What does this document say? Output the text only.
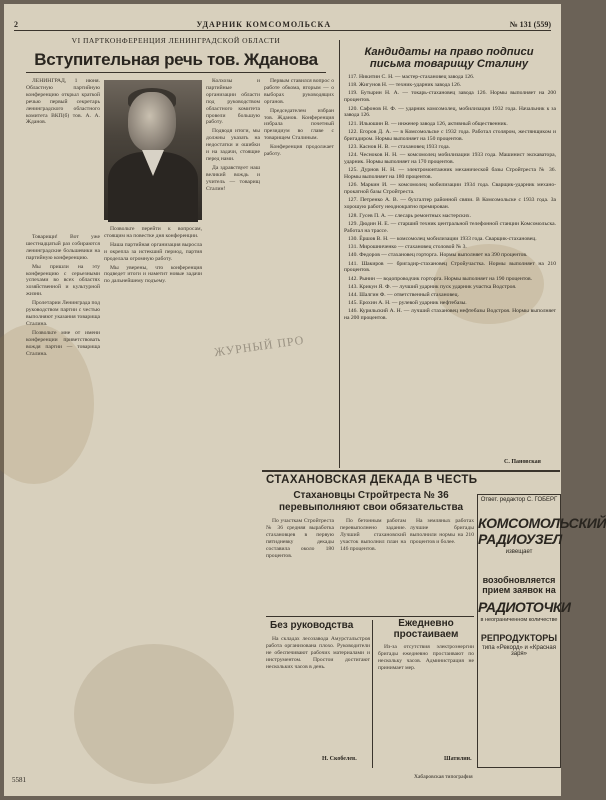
2	УДАРНИК КОМСОМОЛЬСКА	№ 131 (559)
VI ПАРТКОНФЕРЕНЦИЯ ЛЕНИНГРАДСКОЙ ОБЛАСТИ
Вступительная речь тов. Жданова

ЛЕНИНГРАД, 1 июня. Областную партийную конференцию открыл краткой речью первый секретарь ленинградского областного комитета ВКП(б) тов. А. А. Жданов.

Товарищи! Вот уже шестнадцатый раз собираются ленинградские большевики на партийную конференцию.

Мы пришли на эту конференцию с серьезными успехами во всех областях хозяйственной и культурной жизни.

Пролетарии Ленинграда под руководством партии с честью выполняют указания товарища Сталина.

Позвольте мне от имени конференции приветствовать вождя партии — товарища Сталина.

Позвольте перейти к вопросам, стоящим на повестке дня конференции.

Наша партийная организация выросла и окрепла за истекший период, партия проделала огромную работу.

Мы уверены, что конференция подведет итоги и наметит новые задачи по дальнейшему подъему.

Колхозы и партийные организации области под руководством областного комитета провели большую работу.

Подводя итоги, мы должны указать на недостатки и ошибки и на задачи, стоящие перед нами.

Да здравствует наш великий вождь и учитель — товарищ Сталин!

Первым ставился вопрос о работе обкома, вторым — о выборах руководящих органов.

Председателем избран тов. Жданов. Конференция избрала почетный президиум во главе с товарищем Сталиным.

Конференция продолжает работу.

ЖУРНЫЙ ПРО
Кандидаты на право подписи письма товарищу Сталину

117. Никитин С. Н. — мастер-стахановец завода 126.

118. Жигунов Н. — техник-ударник завода 126.

119. Бутырин Н. А. — токарь-стахановец завода 126. Нормы выполняет на 200 процентов.

120. Сафонов Н. Ф. — ударник комсомолец, мобилизация 1932 года. Начальник к за завода 126.

121. Ильюшин В. — инженер завода 126, активный общественник.

122. Егоров Д. А. — в Комсомольске с 1932 года. Работал столяром, жестянщиком и бригадиром. Нормы выполняет на 150 процентов.

123. Каснов Н. В. — стахановец 1933 года.

124. Чесноков Н. Н. — комсомолец мобилизации 1933 года. Машинист экскаватора, ударник. Нормы выполняет на 170 процентов.

125. Дурнов Н. Н. — электромонтажник механической базы Стройтреста № 36. Нормы выполняет на 180 процентов.

126. Маркин И. — комсомолец мобилизации 1934 года. Сварщик-ударник механо-прокатной базы Стройтреста.

127. Петренко А. В. — бухгалтер районной связи. В Комсомольске с 1933 года. За хорошую работу неоднократно премирован.

128. Гусев П. А. — слесарь ремонтных мастерских.

129. Дюдин Н. Е. — старший техник центральной телефонной станции Комсомольска. Работал на трассе.

130. Ёршов В. Н. — комсомолец мобилизации 1933 года. Сварщик-стахановец.

131. Мирошниченко — стахановец столовой № 3.

140. Федоров — стахановец горторга. Нормы выполняет на 390 процентов.

141. Шакиров — бригадир-стахановец Стройучастка. Нормы выполняет на 210 процентов.

142. Рынин — водопроводчик горторга. Нормы выполняет на 190 процентов.

143. Крикун Я. Ф. — лучший ударник пуск ударник участка Водстроя.

144. Шалгин Ф. — ответственный стахановец.

145. Ерохин А. Н. — рулевой ударник нефтебазы.

146. Курильский А. Н. — лучший стахановец нефтебазы Водстроя. Нормы выполняет на 200 процентов.

С. Пановская
СТАХАНОВСКАЯ ДЕКАДА В ЧЕСТЬ
Стахановцы Стройтреста № 36 перевыполняют свои обязательства

По участкам Стройтреста № 36 средняя выработка стахановцев в первую пятидневку декады составила около 180 процентов.

По бетонным работам перевыполнено задание. Лучший стахановский участок выполнил план на 146 процентов.

На земляных работах лучшие бригады выполнили нормы на 210 процентов и более.

Без руководства

На складах лесозавода Амурстальстроя работа организована плохо. Руководители не обеспечивают рабочих материалами и инструментом. Простои достигают нескольких часов в день.

Н. Скобелев.
Ежедневно простаиваем

Из-за отсутствия электроэнергии бригады ежедневно простаивают по нескольку часов. Администрация не принимает мер.

Шатилин.
Ответ. редактор С. ГОБЕРГ
КОМСОМОЛЬСКИЙ РАДИОУЗЕЛ
извещает
возобновляется прием заявок на
РАДИОТОЧКИ
в неограниченном количестве
РЕПРОДУКТОРЫ
типа «Рекорд» и «Красная заря»
5581	Хабаровская типография
